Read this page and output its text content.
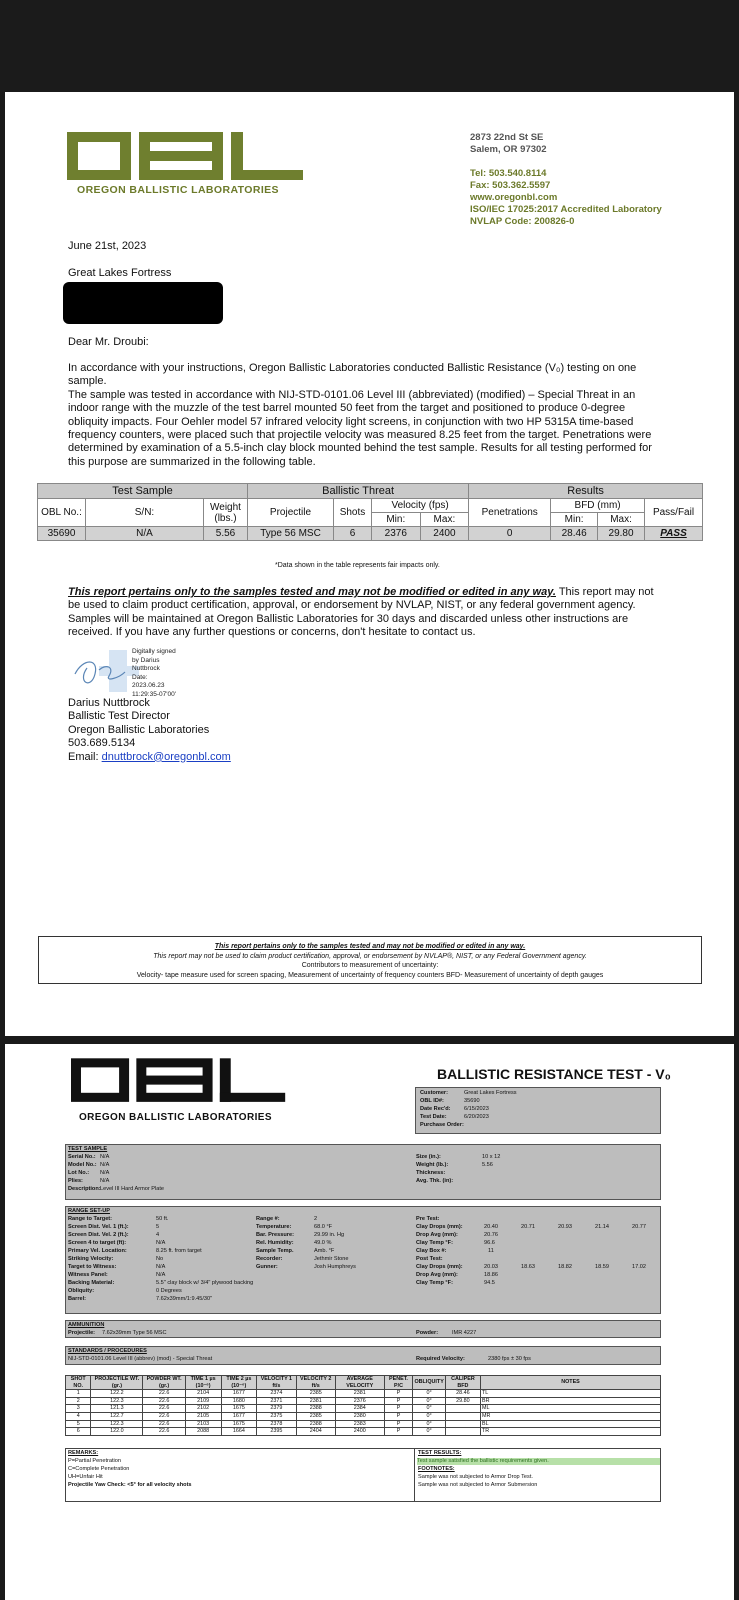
OREGON BALLISTIC LABORATORIES
2873 22nd St SE
Salem, OR 97302
Tel: 503.540.8114
Fax: 503.362.5597
www.oregonbl.com
ISO/IEC 17025:2017 Accredited Laboratory
NVLAP Code: 200826-0
June 21st, 2023
Great Lakes Fortress
Dear Mr. Droubi:
In accordance with your instructions, Oregon Ballistic Laboratories conducted Ballistic Resistance (V₀) testing on one sample.
The sample was tested in accordance with NIJ-STD-0101.06 Level III (abbreviated) (modified) – Special Threat in an indoor range with the muzzle of the test barrel mounted 50 feet from the target and positioned to produce 0-degree obliquity impacts. Four Oehler model 57 infrared velocity light screens, in conjunction with two HP 5315A time-based frequency counters, were placed such that projectile velocity was measured 8.25 feet from the target. Penetrations were determined by examination of a 5.5-inch clay block mounted behind the test sample. Results for all testing performed for this purpose are summarized in the following table.
Test Sample			Ballistic Threat				Results			
OBL No.:	S/N:	Weight (lbs.)	Projectile	Shots	Velocity (fps)		Penetrations	BFD (mm)		Pass/Fail
					Min:	Max:		Min:	Max:	
35690	N/A	5.56	Type 56 MSC	6	2376	2400	0	28.46	29.80	PASS
*Data shown in the table represents fair impacts only.
This report pertains only to the samples tested and may not be modified or edited in any way. This report may not be used to claim product certification, approval, or endorsement by NVLAP, NIST, or any federal government agency. Samples will be maintained at Oregon Ballistic Laboratories for 30 days and discarded unless other instructions are received. If you have any further questions or concerns, don't hesitate to contact us.
Digitally signed
by Darius
Nuttbrock
Date:
2023.06.23
11:29:35-07'00'
Darius Nuttbrock
Ballistic Test Director
Oregon Ballistic Laboratories
503.689.5134
Email: dnuttbrock@oregonbl.com
This report pertains only to the samples tested and may not be modified or edited in any way.
This report may not be used to claim product certification, approval, or endorsement by NVLAP®, NIST, or any Federal Government agency.
Contributors to measurement of uncertainty:
Velocity- tape measure used for screen spacing, Measurement of uncertainty of frequency counters BFD- Measurement of uncertainty of depth gauges
OREGON BALLISTIC LABORATORIES
BALLISTIC RESISTANCE TEST - V₀
Customer:	Great Lakes Fortress
OBL ID#:	35690
Date Rec'd: 6/15/2023
Test Date:	6/20/2023
Purchase Order:
TEST SAMPLE
Serial No.: N/A
Model No.: N/A
Lot No.: N/A
Plies:	N/A
Description:Level III Hard Armor Plate
Size (in.):	10 x 12
Weight (lb.):	5.56
Thickness:
Avg. Thk. (in):
RANGE SET-UP
Range to Target:	50 ft.
Screen Dist. Vel. 1 (ft.):	5
Screen Dist. Vel. 2 (ft.):	4
Screen 4 to target (ft):	N/A
Primary Vel. Location:	8.25 ft. from target
Striking Velocity:	No
Target to Witness:	N/A
Witness Panel:	N/A
Backing Material:	5.5" clay block w/ 3/4" plywood backing
Obliquity:	0 Degrees
Barrel:	7.62x39mm/1:9.45/30"
Range #:	2
Temperature:	68.0 °F
Bar. Pressure:	29.99 in. Hg
Rel. Humidity:	49.0 %
Sample Temp.	Amb. °F
Recorder:	Jethmir Stone
Gunner:	Josh Humphreys
Pre Test:
Clay Drops (mm):	20.40	20.71	20.93	21.14	20.77
Drop Avg (mm):	20.76
Clay Temp °F:	96.6
Clay Box #:	11
Post Test:
Clay Drops (mm):	20.03	18.63	18.82	18.59	17.02
Drop Avg (mm):	18.86
Clay Temp °F:	94.5
AMMUNITION
Projectile: 7.62x39mm Type 56 MSC	Powder: IMR 4227
STANDARDS / PROCEDURES
NIJ-STD-0101.06 Level III (abbrev) (mod) - Special Threat	Required Velocity:	2380 fps ± 30 fps
SHOT NO.	PROJECTILE WT. (gr.)	POWDER WT. (gr.)	TIME 1 µs (10⁻⁶)	TIME 2 µs (10⁻⁶)	VELOCITY 1 ft/s	VELOCITY 2 ft/s	AVERAGE VELOCITY	PENET. P/C	OBLIQUITY	CALIPER BFD	NOTES
1	122.2	22.6	2104	1677	2374	2385	2381	P	0°	28.46	TL
2	122.3	22.6	2109	1680	2371	2381	2376	P	0°	29.80	BR
3	121.3	22.6	2102	1675	2379	2388	2384	P	0°		ML
4	122.7	22.6	2105	1677	2375	2385	2380	P	0°		MR
5	122.3	22.6	2103	1675	2378	2388	2383	P	0°		BL
6	122.0	22.6	2088	1664	2395	2404	2400	P	0°		TR
REMARKS:
P=Partial Penetration
C=Complete Penetration
UH=Unfair Hit
Projectile Yaw Check: <5° for all velocity shots
TEST RESULTS:
Test sample satisfied the ballistic requirements given.
FOOTNOTES:
Sample was not subjected to Armor Drop Test.
Sample was not subjected to Armor Submersion
